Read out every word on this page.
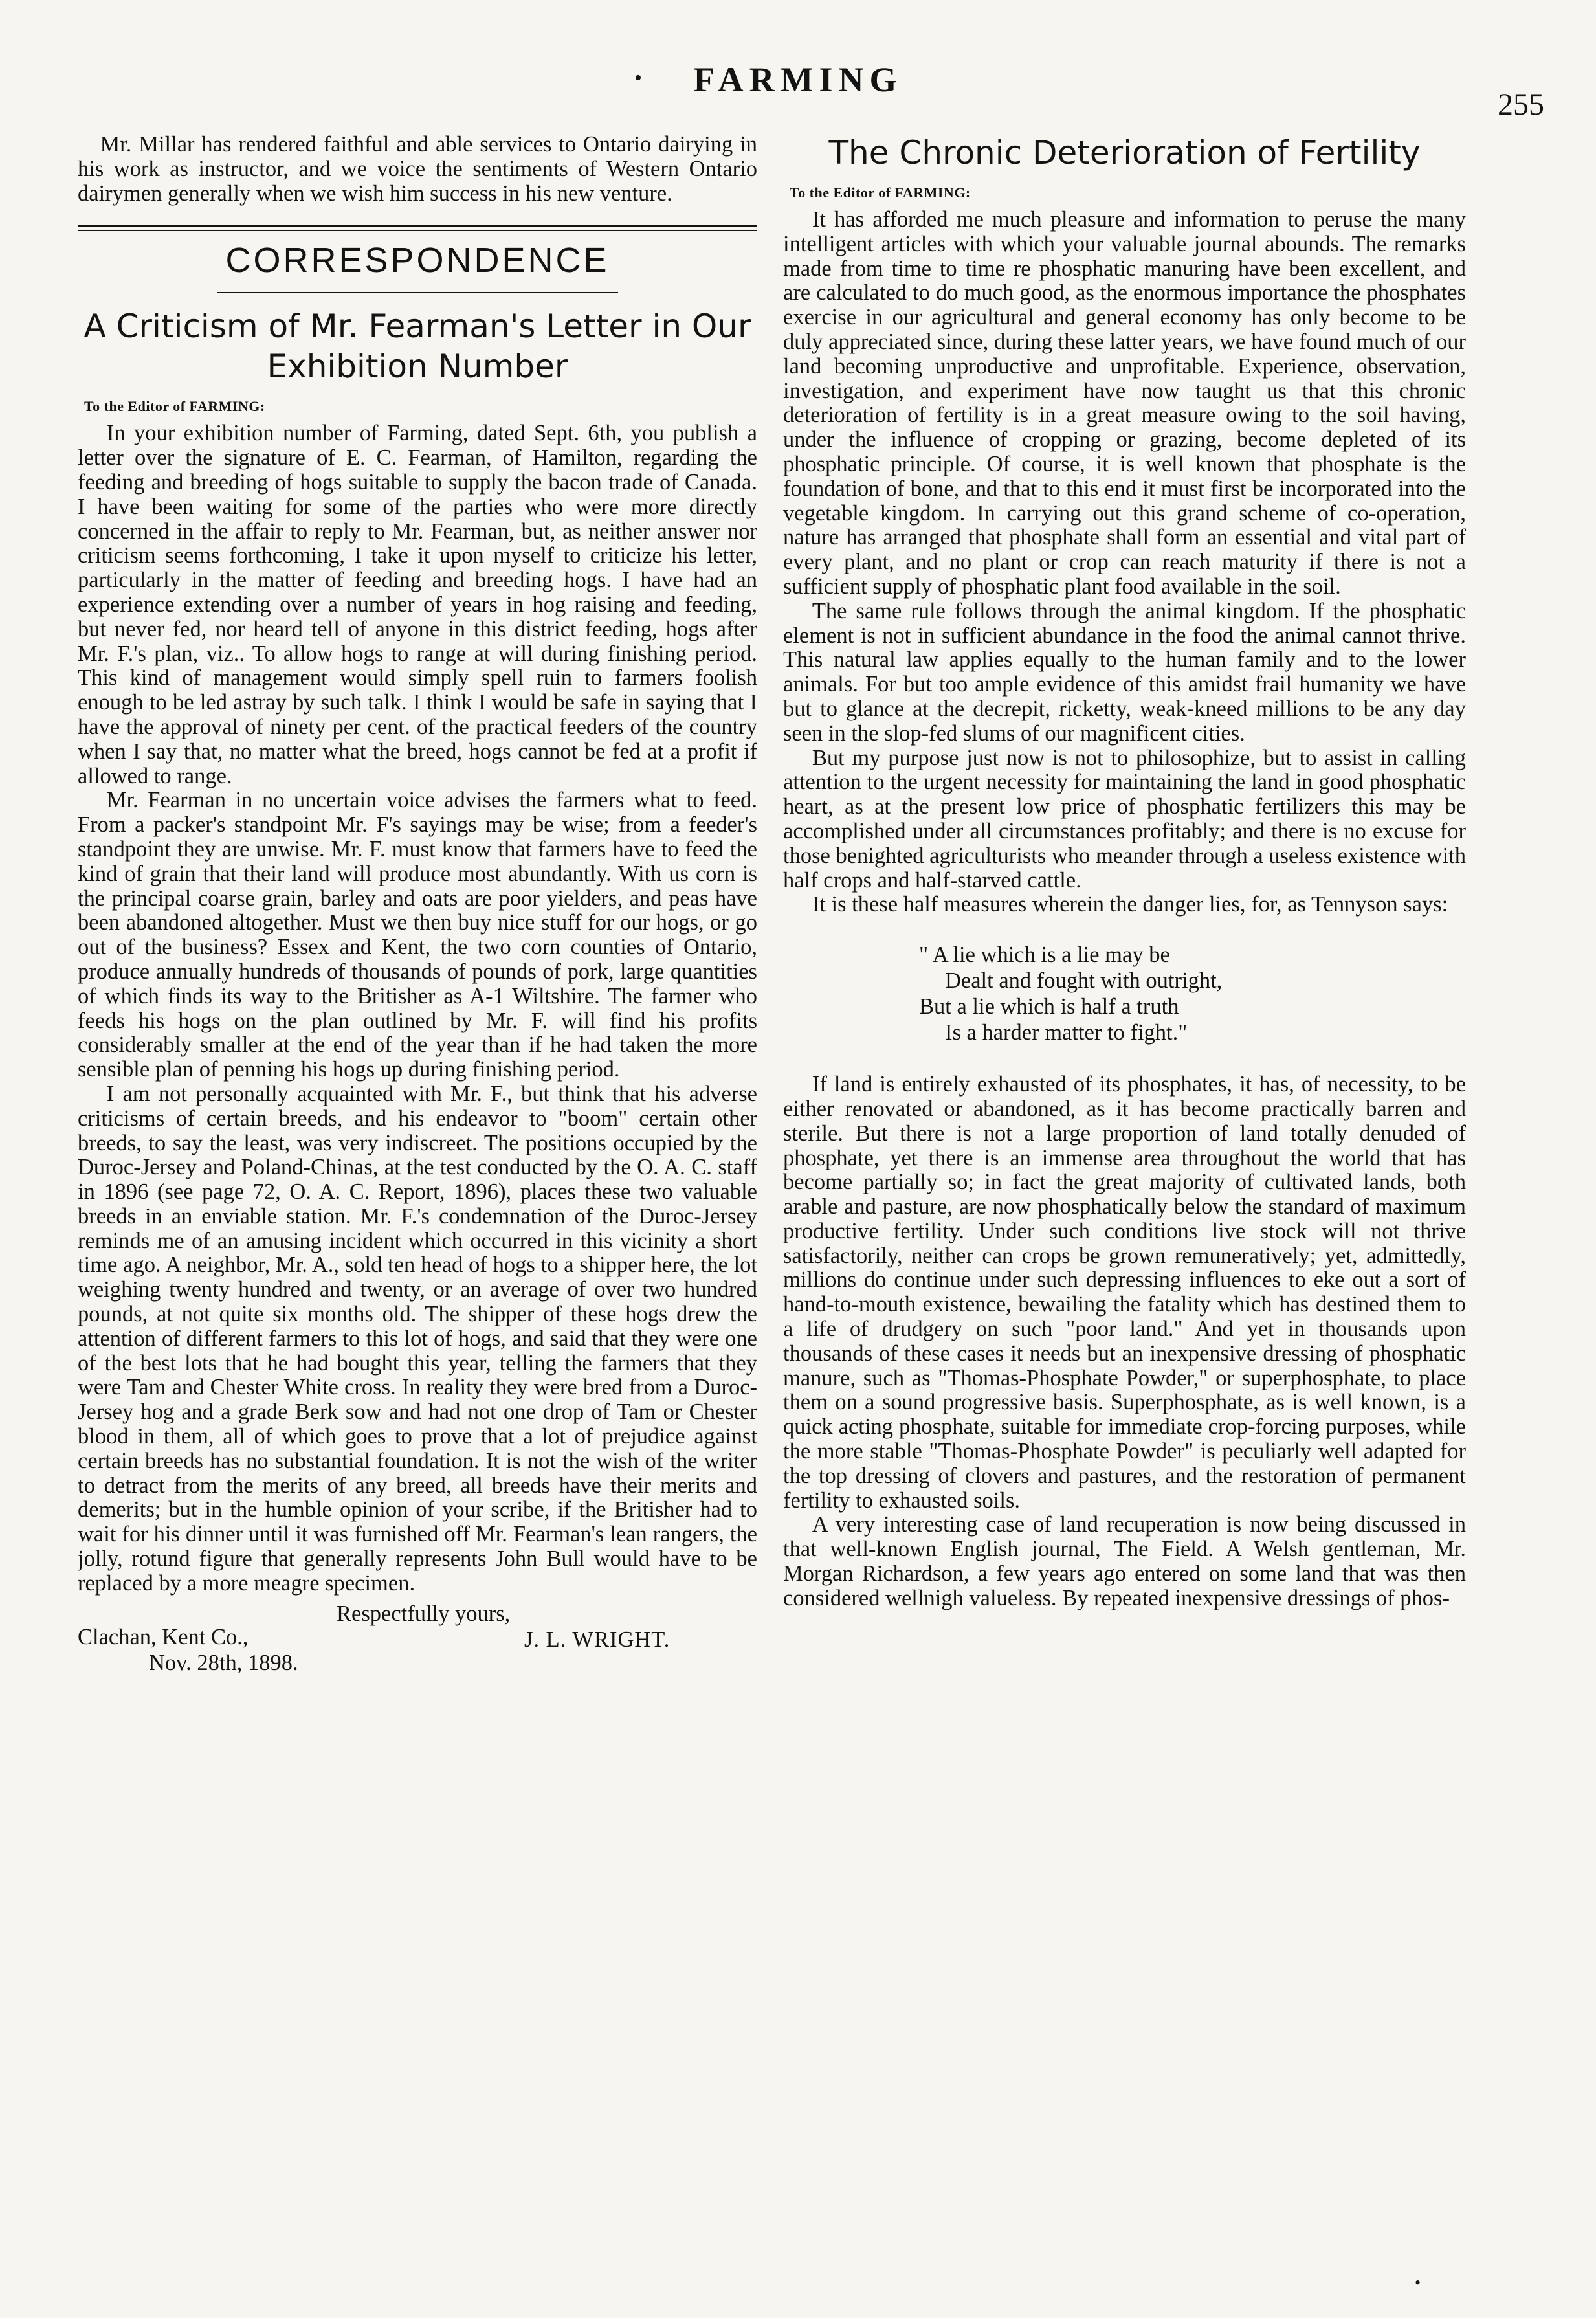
•	FARMING
255

Mr. Millar has rendered faithful and able services to Ontario dairying in his work as instructor, and we voice the sentiments of Western Ontario dairymen generally when we wish him success in his new venture.

CORRESPONDENCE
A Criticism of Mr. Fearman's Letter in Our Exhibition Number
To the Editor of FARMING:

In your exhibition number of Farming, dated Sept. 6th, you publish a letter over the signature of E. C. Fearman, of Hamilton, regarding the feeding and breeding of hogs suitable to supply the bacon trade of Canada. I have been waiting for some of the parties who were more directly concerned in the affair to reply to Mr. Fearman, but, as neither answer nor criticism seems forthcoming, I take it upon myself to criticize his letter, particularly in the matter of feeding and breeding hogs. I have had an experience extending over a number of years in hog raising and feeding, but never fed, nor heard tell of anyone in this district feeding, hogs after Mr. F.'s plan, viz.. To allow hogs to range at will during finishing period. This kind of management would simply spell ruin to farmers foolish enough to be led astray by such talk. I think I would be safe in saying that I have the approval of ninety per cent. of the practical feeders of the country when I say that, no matter what the breed, hogs cannot be fed at a profit if allowed to range.

Mr. Fearman in no uncertain voice advises the farmers what to feed. From a packer's standpoint Mr. F's sayings may be wise; from a feeder's standpoint they are unwise. Mr. F. must know that farmers have to feed the kind of grain that their land will produce most abundantly. With us corn is the principal coarse grain, barley and oats are poor yielders, and peas have been abandoned altogether. Must we then buy nice stuff for our hogs, or go out of the business? Essex and Kent, the two corn counties of Ontario, produce annually hundreds of thousands of pounds of pork, large quantities of which finds its way to the Britisher as A-1 Wiltshire. The farmer who feeds his hogs on the plan outlined by Mr. F. will find his profits considerably smaller at the end of the year than if he had taken the more sensible plan of penning his hogs up during finishing period.

I am not personally acquainted with Mr. F., but think that his adverse criticisms of certain breeds, and his endeavor to "boom" certain other breeds, to say the least, was very indiscreet. The positions occupied by the Duroc-Jersey and Poland-Chinas, at the test conducted by the O. A. C. staff in 1896 (see page 72, O. A. C. Report, 1896), places these two valuable breeds in an enviable station. Mr. F.'s condemnation of the Duroc-Jersey reminds me of an amusing incident which occurred in this vicinity a short time ago. A neighbor, Mr. A., sold ten head of hogs to a shipper here, the lot weighing twenty hundred and twenty, or an average of over two hundred pounds, at not quite six months old. The shipper of these hogs drew the attention of different farmers to this lot of hogs, and said that they were one of the best lots that he had bought this year, telling the farmers that they were Tam and Chester White cross. In reality they were bred from a Duroc-Jersey hog and a grade Berk sow and had not one drop of Tam or Chester blood in them, all of which goes to prove that a lot of prejudice against certain breeds has no substantial foundation. It is not the wish of the writer to detract from the merits of any breed, all breeds have their merits and demerits; but in the humble opinion of your scribe, if the Britisher had to wait for his dinner until it was furnished off Mr. Fearman's lean rangers, the jolly, rotund figure that generally represents John Bull would have to be replaced by a more meagre specimen.

Respectfully yours,
Clachan, Kent Co.,	J. L. WRIGHT.
Nov. 28th, 1898.
The Chronic Deterioration of Fertility
To the Editor of FARMING:

It has afforded me much pleasure and information to peruse the many intelligent articles with which your valuable journal abounds. The remarks made from time to time re phosphatic manuring have been excellent, and are calculated to do much good, as the enormous importance the phosphates exercise in our agricultural and general economy has only become to be duly appreciated since, during these latter years, we have found much of our land becoming unproductive and unprofitable. Experience, observation, investigation, and experiment have now taught us that this chronic deterioration of fertility is in a great measure owing to the soil having, under the influence of cropping or grazing, become depleted of its phosphatic principle. Of course, it is well known that phosphate is the foundation of bone, and that to this end it must first be incorporated into the vegetable kingdom. In carrying out this grand scheme of co-operation, nature has arranged that phosphate shall form an essential and vital part of every plant, and no plant or crop can reach maturity if there is not a sufficient supply of phosphatic plant food available in the soil.

The same rule follows through the animal kingdom. If the phosphatic element is not in sufficient abundance in the food the animal cannot thrive. This natural law applies equally to the human family and to the lower animals. For but too ample evidence of this amidst frail humanity we have but to glance at the decrepit, ricketty, weak-kneed millions to be any day seen in the slop-fed slums of our magnificent cities.

But my purpose just now is not to philosophize, but to assist in calling attention to the urgent necessity for maintaining the land in good phosphatic heart, as at the present low price of phosphatic fertilizers this may be accomplished under all circumstances profitably; and there is no excuse for those benighted agriculturists who meander through a useless existence with half crops and half-starved cattle.

It is these half measures wherein the danger lies, for, as Tennyson says:

" A lie which is a lie may be
Dealt and fought with outright,
But a lie which is half a truth
Is a harder matter to fight."

If land is entirely exhausted of its phosphates, it has, of necessity, to be either renovated or abandoned, as it has become practically barren and sterile. But there is not a large proportion of land totally denuded of phosphate, yet there is an immense area throughout the world that has become partially so; in fact the great majority of cultivated lands, both arable and pasture, are now phosphatically below the standard of maximum productive fertility. Under such conditions live stock will not thrive satisfactorily, neither can crops be grown remuneratively; yet, admittedly, millions do continue under such depressing influences to eke out a sort of hand-to-mouth existence, bewailing the fatality which has destined them to a life of drudgery on such "poor land." And yet in thousands upon thousands of these cases it needs but an inexpensive dressing of phosphatic manure, such as "Thomas-Phosphate Powder," or superphosphate, to place them on a sound progressive basis. Superphosphate, as is well known, is a quick acting phosphate, suitable for immediate crop-forcing purposes, while the more stable "Thomas-Phosphate Powder" is peculiarly well adapted for the top dressing of clovers and pastures, and the restoration of permanent fertility to exhausted soils.

A very interesting case of land recuperation is now being discussed in that well-known English journal, The Field. A Welsh gentleman, Mr. Morgan Richardson, a few years ago entered on some land that was then considered wellnigh valueless. By repeated inexpensive dressings of phos-

•
